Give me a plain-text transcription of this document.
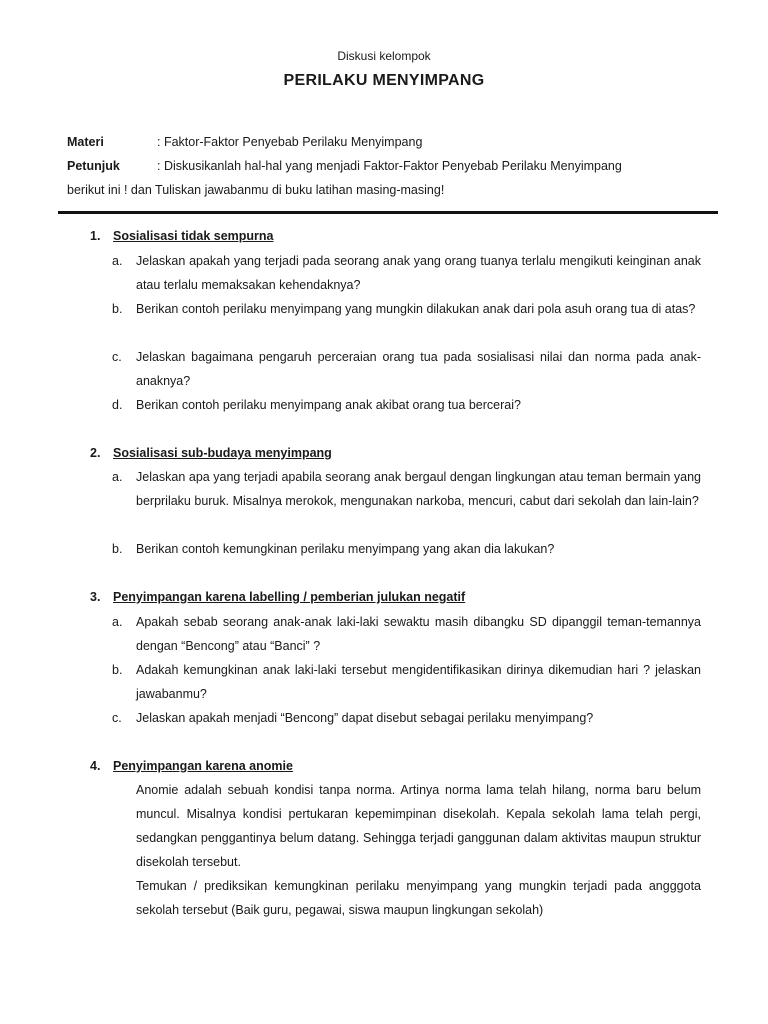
Diskusi kelompok
PERILAKU MENYIMPANG
Materi	: Faktor-Faktor Penyebab Perilaku Menyimpang
Petunjuk	: Diskusikanlah hal-hal yang menjadi Faktor-Faktor Penyebab Perilaku Menyimpang
berikut ini ! dan Tuliskan jawabanmu di buku latihan masing-masing!
1. Sosialisasi tidak sempurna
a.	Jelaskan apakah yang terjadi pada seorang anak yang orang tuanya terlalu mengikuti keinginan anak atau terlalu memaksakan kehendaknya?
b.	Berikan contoh perilaku menyimpang yang mungkin dilakukan anak dari pola asuh orang tua di atas?
c.	Jelaskan bagaimana pengaruh perceraian orang tua pada sosialisasi nilai dan norma pada anak-anaknya?
d.	Berikan contoh perilaku menyimpang anak akibat orang tua bercerai?
2. Sosialisasi sub-budaya menyimpang
a.	Jelaskan apa yang terjadi apabila seorang anak bergaul dengan lingkungan atau teman bermain yang berprilaku buruk. Misalnya merokok, mengunakan narkoba, mencuri, cabut dari sekolah dan lain-lain?
b.	Berikan contoh kemungkinan perilaku menyimpang yang akan dia lakukan?
3. Penyimpangan karena labelling / pemberian julukan negatif
a.	Apakah sebab seorang anak-anak laki-laki sewaktu masih dibangku SD dipanggil teman-temannya dengan “Bencong” atau “Banci” ?
b.	Adakah kemungkinan anak laki-laki tersebut mengidentifikasikan dirinya dikemudian hari ? jelaskan jawabanmu?
c.	Jelaskan apakah menjadi “Bencong” dapat disebut sebagai perilaku menyimpang?
4. Penyimpangan karena anomie
Anomie adalah sebuah kondisi tanpa norma. Artinya norma lama telah hilang, norma baru belum muncul. Misalnya kondisi pertukaran kepemimpinan disekolah. Kepala sekolah lama telah pergi, sedangkan penggantinya belum datang. Sehingga terjadi ganggunan dalam aktivitas maupun struktur disekolah tersebut.
Temukan / prediksikan kemungkinan perilaku menyimpang yang mungkin terjadi pada angggota sekolah tersebut (Baik guru, pegawai, siswa maupun lingkungan sekolah)
